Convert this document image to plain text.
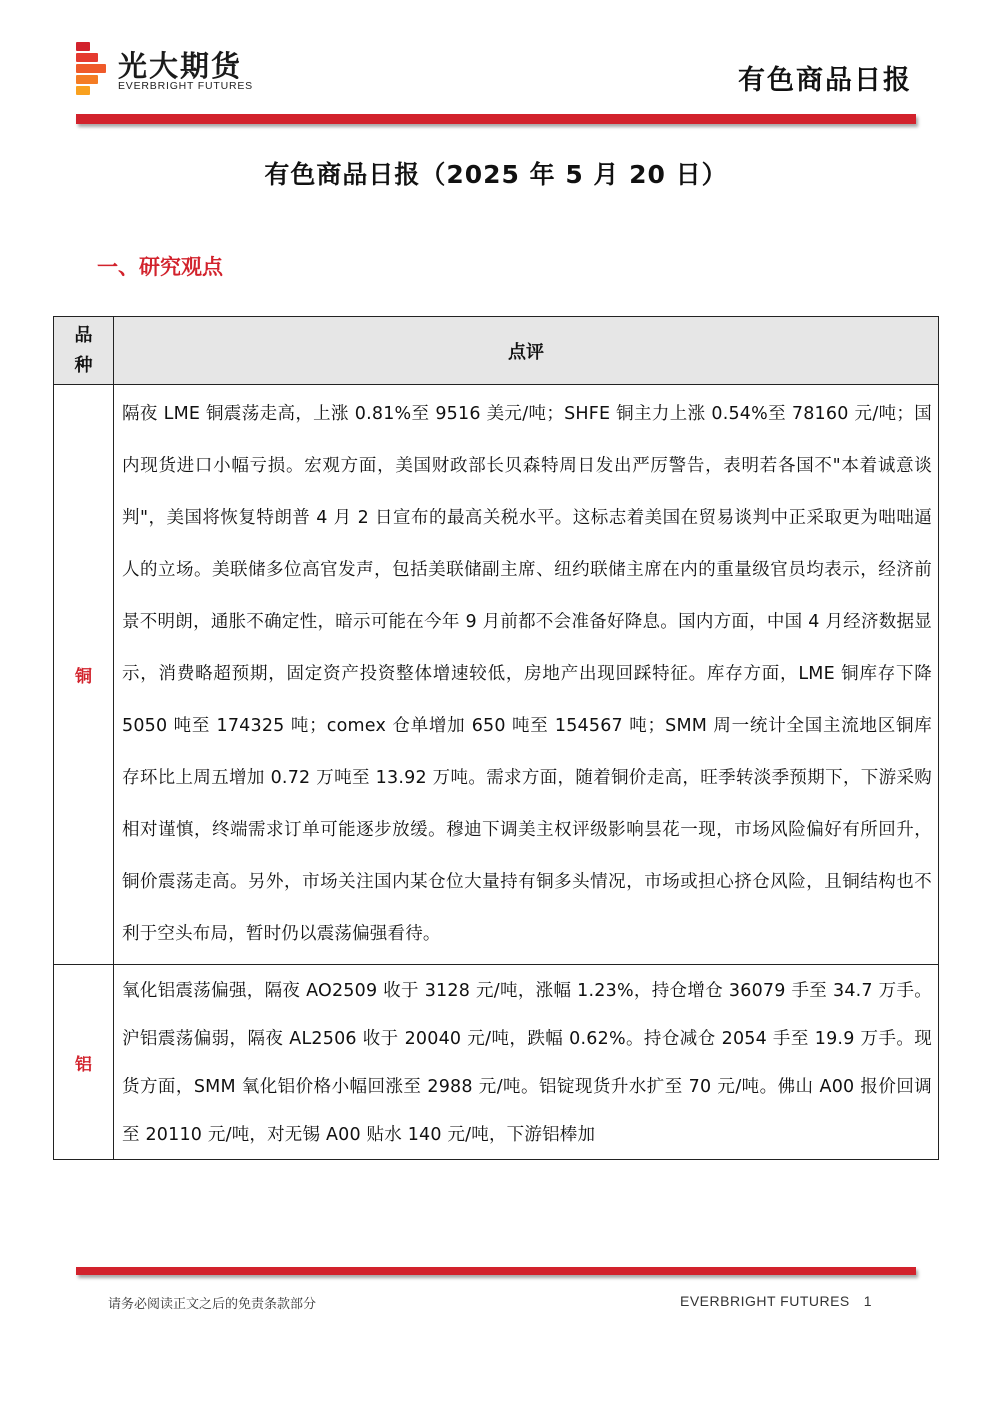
光大期货
EVERBRIGHT FUTURES	有色商品日报
有色商品日报（2025 年 5 月 20 日）
一、研究观点
品种	点评
铜	隔夜 LME 铜震荡走高，上涨 0.81%至 9516 美元/吨；SHFE 铜主力上涨 0.54%至 78160 元/吨；国内现货进口小幅亏损。宏观方面，美国财政部长贝森特周日发出严厉警告，表明若各国不"本着诚意谈判"，美国将恢复特朗普 4 月 2 日宣布的最高关税水平。这标志着美国在贸易谈判中正采取更为咄咄逼人的立场。美联储多位高官发声，包括美联储副主席、纽约联储主席在内的重量级官员均表示，经济前景不明朗，通胀不确定性，暗示可能在今年 9 月前都不会准备好降息。国内方面，中国 4 月经济数据显示，消费略超预期，固定资产投资整体增速较低，房地产出现回踩特征。库存方面，LME 铜库存下降 5050 吨至 174325 吨；comex 仓单增加 650 吨至 154567 吨；SMM 周一统计全国主流地区铜库存环比上周五增加 0.72 万吨至 13.92 万吨。需求方面，随着铜价走高，旺季转淡季预期下，下游采购相对谨慎，终端需求订单可能逐步放缓。穆迪下调美主权评级影响昙花一现，市场风险偏好有所回升，铜价震荡走高。另外，市场关注国内某仓位大量持有铜多头情况，市场或担心挤仓风险，且铜结构也不利于空头布局，暂时仍以震荡偏强看待。
铝	氧化铝震荡偏强，隔夜 AO2509 收于 3128 元/吨，涨幅 1.23%，持仓增仓 36079 手至 34.7 万手。沪铝震荡偏弱，隔夜 AL2506 收于 20040 元/吨，跌幅 0.62%。持仓减仓 2054 手至 19.9 万手。现货方面，SMM 氧化铝价格小幅回涨至 2988 元/吨。铝锭现货升水扩至 70 元/吨。佛山 A00 报价回调至 20110 元/吨，对无锡 A00 贴水 140 元/吨，下游铝棒加
请务必阅读正文之后的免责条款部分	EVERBRIGHT FUTURES 1
